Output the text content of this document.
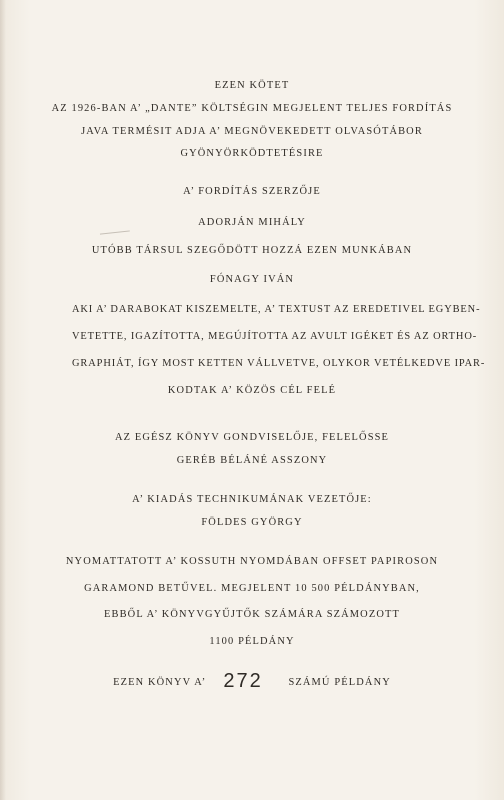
EZEN KÖTET
AZ 1926-BAN A’ „DANTE” KÖLTSÉGIN MEGJELENT TELJES FORDÍTÁS
JAVA TERMÉSIT ADJA A’ MEGNÖVEKEDETT OLVASÓTÁBOR
GYÖNYÖRKÖDTETÉSIRE
A’ FORDÍTÁS SZERZŐJE
ADORJÁN MIHÁLY
UTÓBB TÁRSUL SZEGŐDÖTT HOZZÁ EZEN MUNKÁBAN
FÓNAGY IVÁN
AKI A’ DARABOKAT KISZEMELTE, A’ TEXTUST AZ EREDETIVEL EGYBEN-
VETETTE, IGAZÍTOTTA, MEGÚJÍTOTTA AZ AVULT IGÉKET ÉS AZ ORTHO-
GRAPHIÁT, ÍGY MOST KETTEN VÁLLVETVE, OLYKOR VETÉLKEDVE IPAR-
KODTAK A’ KÖZÖS CÉL FELÉ
AZ EGÉSZ KÖNYV GONDVISELŐJE, FELELŐSSE
GERÉB BÉLÁNÉ ASSZONY
A’ KIADÁS TECHNIKUMÁNAK VEZETŐJE:
FÖLDES GYÖRGY
NYOMATTATOTT A’ KOSSUTH NYOMDÁBAN OFFSET PAPIROSON
GARAMOND BETŰVEL. MEGJELENT 10 500 PÉLDÁNYBAN,
EBBŐL A’ KÖNYVGYŰJTŐK SZÁMÁRA SZÁMOZOTT
1100 PÉLDÁNY
EZEN KÖNYV A’ 272 SZÁMÚ PÉLDÁNY
